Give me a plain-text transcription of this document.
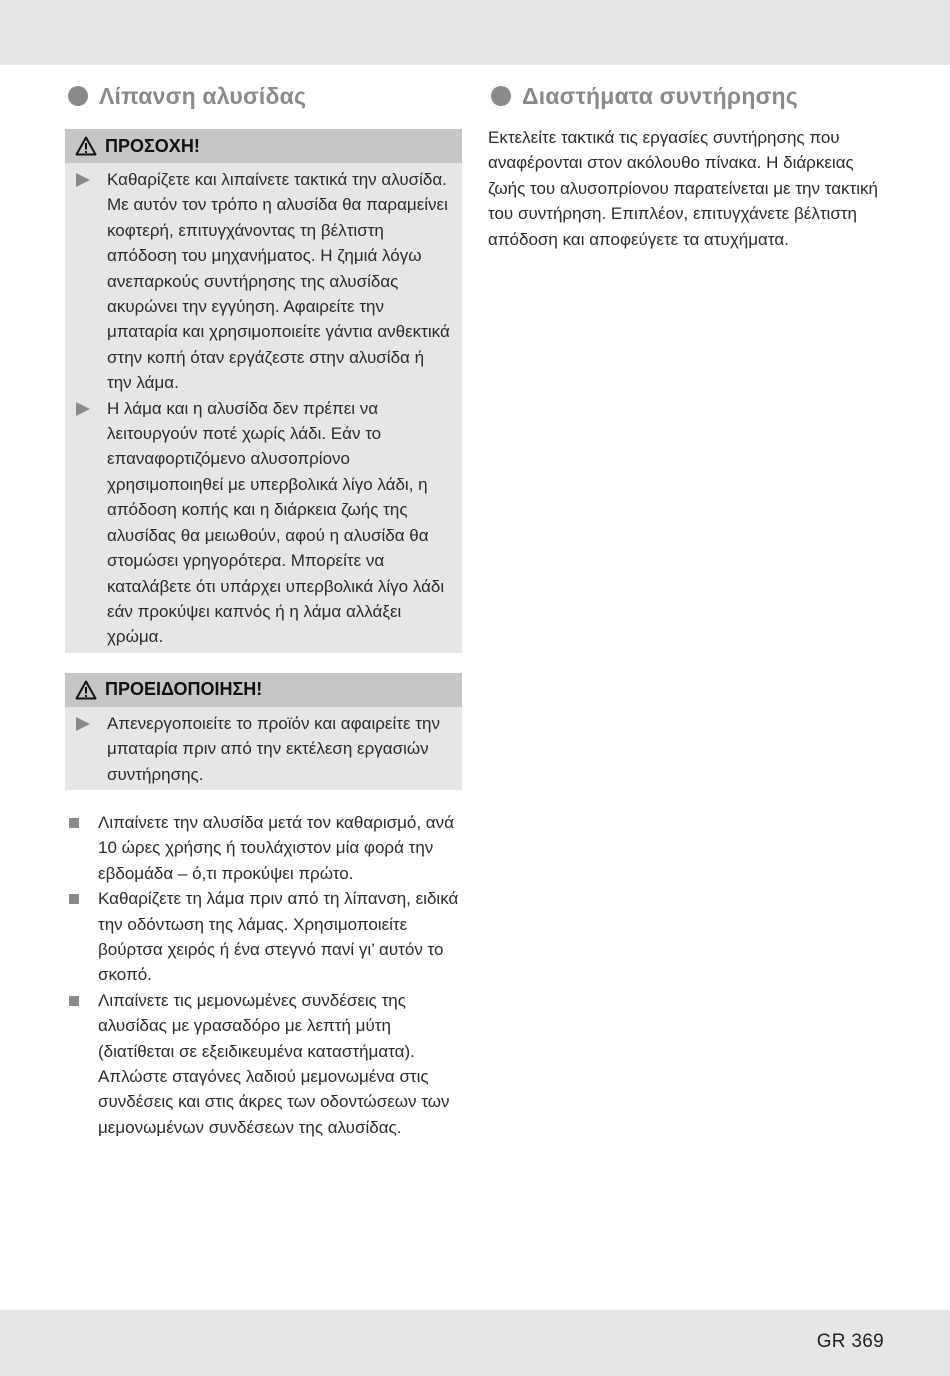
Λίπανση αλυσίδας
ΠΡΟΣΟΧΗ!
Καθαρίζετε και λιπαίνετε τακτικά την αλυσίδα. Με αυτόν τον τρόπο η αλυσίδα θα παραμείνει κοφτερή, επιτυγχάνοντας τη βέλτιστη απόδοση του μηχανήματος. Η ζημιά λόγω ανεπαρκούς συντήρησης της αλυσίδας ακυρώνει την εγγύηση. Αφαιρείτε την μπαταρία και χρησιμοποιείτε γάντια ανθεκτικά στην κοπή όταν εργάζεστε στην αλυσίδα ή την λάμα.
Η λάμα και η αλυσίδα δεν πρέπει να λειτουργούν ποτέ χωρίς λάδι. Εάν το επαναφορτιζόμενο αλυσοπρίονο χρησιμοποιηθεί με υπερβολικά λίγο λάδι, η απόδοση κοπής και η διάρκεια ζωής της αλυσίδας θα μειωθούν, αφού η αλυσίδα θα στομώσει γρηγορότερα. Μπορείτε να καταλάβετε ότι υπάρχει υπερβολικά λίγο λάδι εάν προκύψει καπνός ή η λάμα αλλάξει χρώμα.
ΠΡΟΕΙΔΟΠΟΙΗΣΗ!
Απενεργοποιείτε το προϊόν και αφαιρείτε την μπαταρία πριν από την εκτέλεση εργασιών συντήρησης.
Λιπαίνετε την αλυσίδα μετά τον καθαρισμό, ανά 10 ώρες χρήσης ή τουλάχιστον μία φορά την εβδομάδα – ό,τι προκύψει πρώτο.
Καθαρίζετε τη λάμα πριν από τη λίπανση, ειδικά την οδόντωση της λάμας. Χρησιμοποιείτε βούρτσα χειρός ή ένα στεγνό πανί γι’ αυτόν το σκοπό.
Λιπαίνετε τις μεμονωμένες συνδέσεις της αλυσίδας με γρασαδόρο με λεπτή μύτη (διατίθεται σε εξειδικευμένα καταστήματα). Απλώστε σταγόνες λαδιού μεμονωμένα στις συνδέσεις και στις άκρες των οδοντώσεων των μεμονωμένων συνδέσεων της αλυσίδας.
Διαστήματα συντήρησης
Εκτελείτε τακτικά τις εργασίες συντήρησης που αναφέρονται στον ακόλουθο πίνακα. Η διάρκειας ζωής του αλυσοπρίονου παρατείνεται με την τακτική του συντήρηση. Επιπλέον, επιτυγχάνετε βέλτιστη απόδοση και αποφεύγετε τα ατυχήματα.
GR 369
